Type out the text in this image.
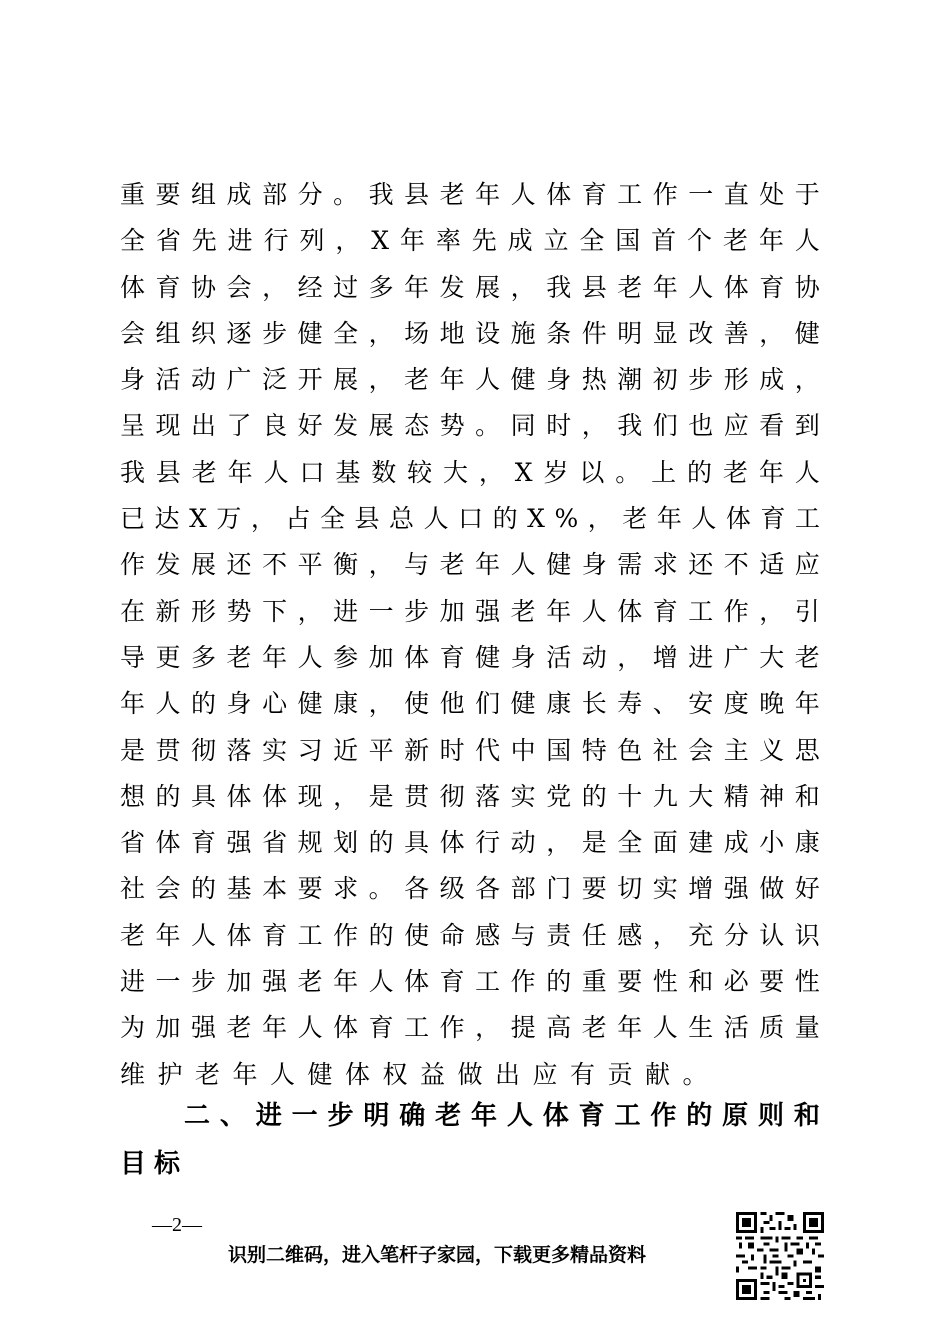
重 要 组 成 部 分 。 我 县 老 年 人 体 育 工 作 一 直 处 于
全 省 先 进 行 列 ， X 年 率 先 成 立 全 国 首 个 老 年 人
体 育 协 会 ， 经 过 多 年 发 展 ， 我 县 老 年 人 体 育 协
会 组 织 逐 步 健 全 ， 场 地 设 施 条 件 明 显 改 善 ， 健
身 活 动 广 泛 开 展 ， 老 年 人 健 身 热 潮 初 步 形 成 ，
呈 现 出 了 良 好 发 展 态 势 。 同 时 ， 我 们 也 应 看 到
我 县 老 年 人 口 基 数 较 大 ， X 岁 以 。 上 的 老 年 人
已 达 X 万 ， 占 全 县 总 人 口 的 X % ， 老 年 人 体 育 工
作 发 展 还 不 平 衡 ， 与 老 年 人 健 身 需 求 还 不 适 应
在 新 形 势 下 ， 进 一 步 加 强 老 年 人 体 育 工 作 ， 引
导 更 多 老 年 人 参 加 体 育 健 身 活 动 ， 增 进 广 大 老
年 人 的 身 心 健 康 ， 使 他 们 健 康 长 寿 、 安 度 晚 年
是 贯 彻 落 实 习 近 平 新 时 代 中 国 特 色 社 会 主 义 思
想 的 具 体 体 现 ， 是 贯 彻 落 实 党 的 十 九 大 精 神 和
省 体 育 强 省 规 划 的 具 体 行 动 ， 是 全 面 建 成 小 康
社 会 的 基 本 要 求 。 各 级 各 部 门 要 切 实 增 强 做 好
老 年 人 体 育 工 作 的 使 命 感 与 责 任 感 ， 充 分 认 识
进 一 步 加 强 老 年 人 体 育 工 作 的 重 要 性 和 必 要 性
为 加 强 老 年 人 体 育 工 作 ， 提 高 老 年 人 生 活 质 量
维护老年人健体权益做出应有贡献。
二 、 进 一 步 明 确 老 年 人 体 育 工 作 的 原 则 和
目标
—2—
识别二维码，进入笔杆子家园，下载更多精品资料
